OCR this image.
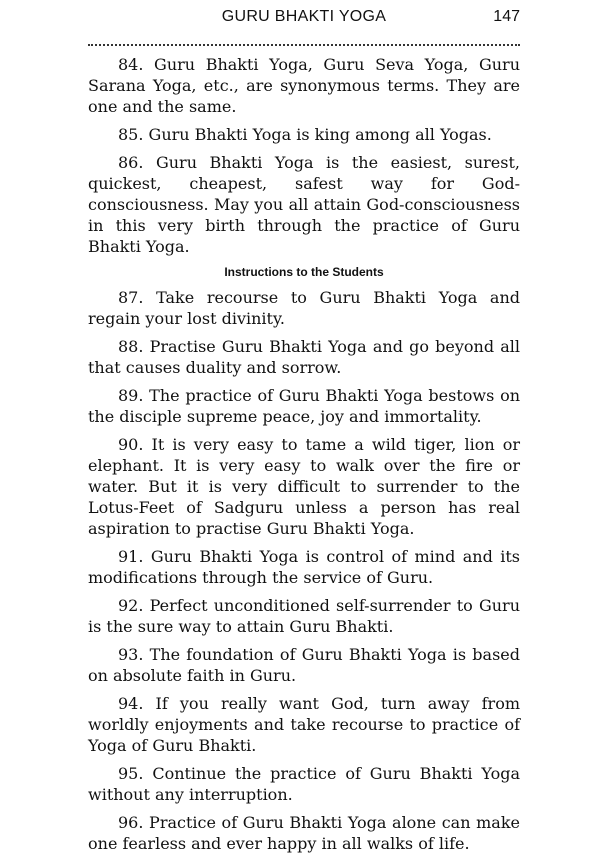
GURU BHAKTI YOGA	147

84. Guru Bhakti Yoga, Guru Seva Yoga, Guru Sarana Yoga, etc., are synonymous terms. They are one and the same.

85. Guru Bhakti Yoga is king among all Yogas.

86. Guru Bhakti Yoga is the easiest, surest, quickest, cheapest, safest way for God-consciousness. May you all attain God-consciousness in this very birth through the practice of Guru Bhakti Yoga.

Instructions to the Students

87. Take recourse to Guru Bhakti Yoga and regain your lost divinity.

88. Practise Guru Bhakti Yoga and go beyond all that causes duality and sorrow.

89. The practice of Guru Bhakti Yoga bestows on the disciple supreme peace, joy and immortality.

90. It is very easy to tame a wild tiger, lion or elephant. It is very easy to walk over the fire or water. But it is very difficult to surrender to the Lotus-Feet of Sadguru unless a person has real aspiration to practise Guru Bhakti Yoga.

91. Guru Bhakti Yoga is control of mind and its modifications through the service of Guru.

92. Perfect unconditioned self-surrender to Guru is the sure way to attain Guru Bhakti.

93. The foundation of Guru Bhakti Yoga is based on absolute faith in Guru.

94. If you really want God, turn away from worldly enjoyments and take recourse to practice of Yoga of Guru Bhakti.

95. Continue the practice of Guru Bhakti Yoga without any interruption.

96. Practice of Guru Bhakti Yoga alone can make one fearless and ever happy in all walks of life.
